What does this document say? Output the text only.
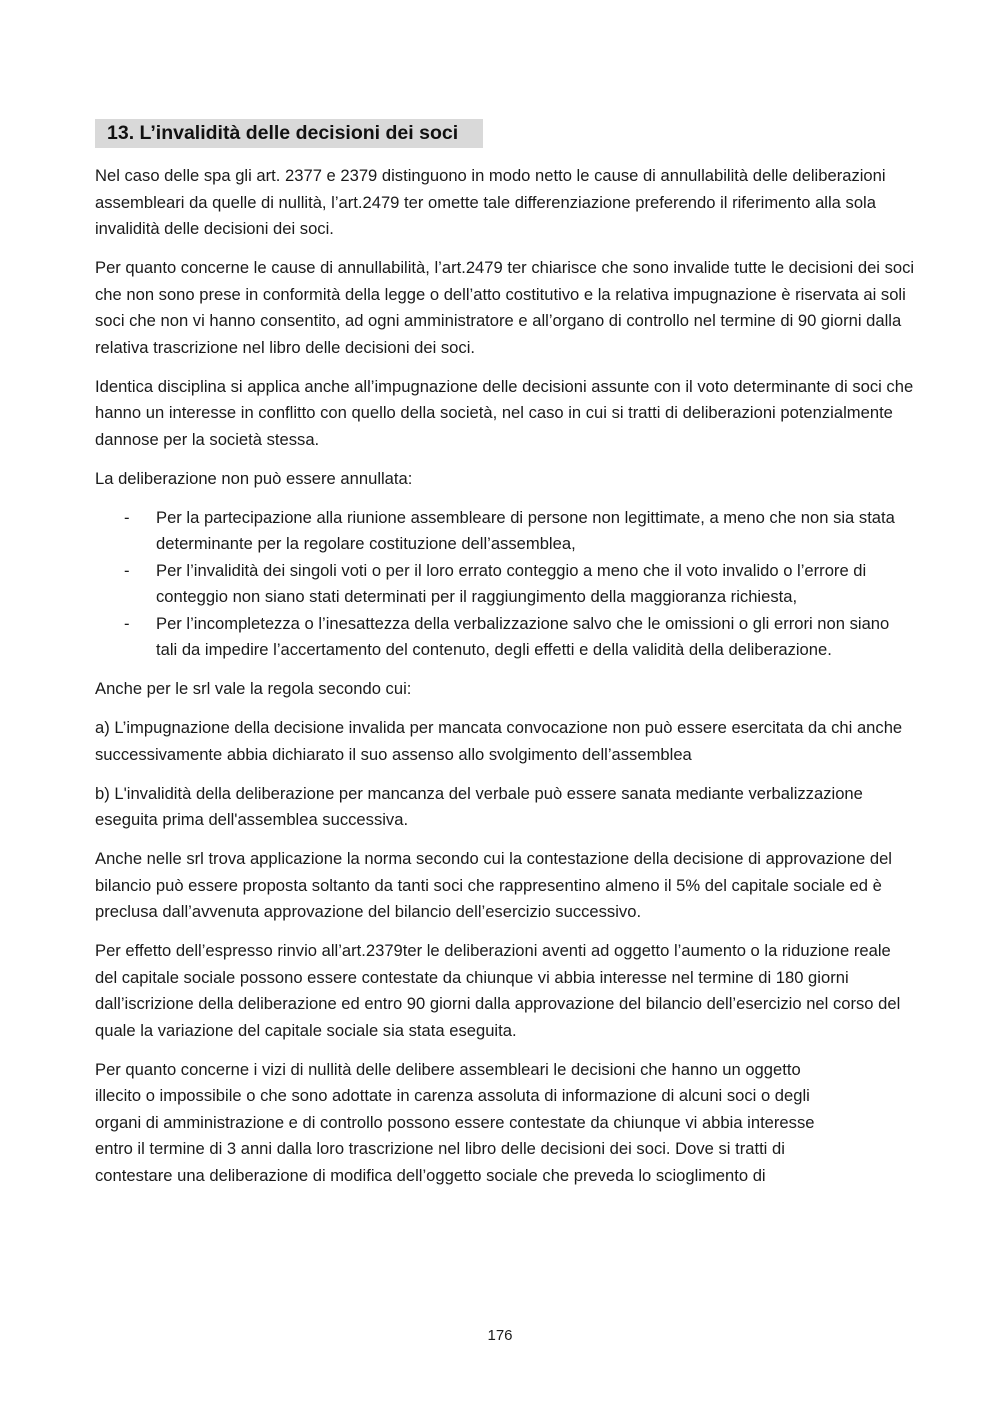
13. L’invalidità delle decisioni dei soci

Nel caso delle spa gli art. 2377 e 2379 distinguono in modo netto le cause di annullabilità delle deliberazioni assembleari da quelle di nullità, l’art.2479 ter omette tale differenziazione preferendo il riferimento alla sola invalidità delle decisioni dei soci.

Per quanto concerne le cause di annullabilità, l’art.2479 ter chiarisce che sono invalide tutte le decisioni dei soci che non sono prese in conformità della legge o dell’atto costitutivo e la relativa impugnazione è riservata ai soli soci che non vi hanno consentito, ad ogni amministratore e all’organo di controllo nel termine di 90 giorni dalla relativa trascrizione nel libro delle decisioni dei soci.

Identica disciplina si applica anche all’impugnazione delle decisioni assunte con il voto determinante di soci che hanno un interesse in conflitto con quello della società, nel caso in cui si tratti di deliberazioni potenzialmente dannose per la società stessa.

La deliberazione non può essere annullata:

- Per la partecipazione alla riunione assembleare di persone non legittimate, a meno che non sia stata determinante per la regolare costituzione dell’assemblea,
- Per l’invalidità dei singoli voti o per il loro errato conteggio a meno che il voto invalido o l’errore di conteggio non siano stati determinati per il raggiungimento della maggioranza richiesta,
- Per l’incompletezza o l’inesattezza della verbalizzazione salvo che le omissioni o gli errori non siano tali da impedire l’accertamento del contenuto, degli effetti e della validità della deliberazione.

Anche per le srl vale la regola secondo cui:

a) L’impugnazione della decisione invalida per mancata convocazione non può essere esercitata da chi anche successivamente abbia dichiarato il suo assenso allo svolgimento dell’assemblea

b) L'invalidità della deliberazione per mancanza del verbale può essere sanata mediante verbalizzazione eseguita prima dell'assemblea successiva.

Anche nelle srl trova applicazione la norma secondo cui la contestazione della decisione di approvazione del bilancio può essere proposta soltanto da tanti soci che rappresentino almeno il 5% del capitale sociale ed è preclusa dall’avvenuta approvazione del bilancio dell’esercizio successivo.

Per effetto dell’espresso rinvio all’art.2379ter le deliberazioni aventi ad oggetto l’aumento o la riduzione reale del capitale sociale possono essere contestate da chiunque vi abbia interesse nel termine di 180 giorni dall’iscrizione della deliberazione ed entro 90 giorni dalla approvazione del bilancio dell’esercizio nel corso del quale la variazione del capitale sociale sia stata eseguita.

Per quanto concerne i vizi di nullità delle delibere assembleari le decisioni che hanno un oggetto
illecito o impossibile o che sono adottate in carenza assoluta di informazione di alcuni soci o degli
organi di amministrazione e di controllo possono essere contestate da chiunque vi abbia interesse
entro il termine di 3 anni dalla loro trascrizione nel libro delle decisioni dei soci. Dove si tratti di
contestare una deliberazione di modifica dell’oggetto sociale che preveda lo scioglimento di

176
